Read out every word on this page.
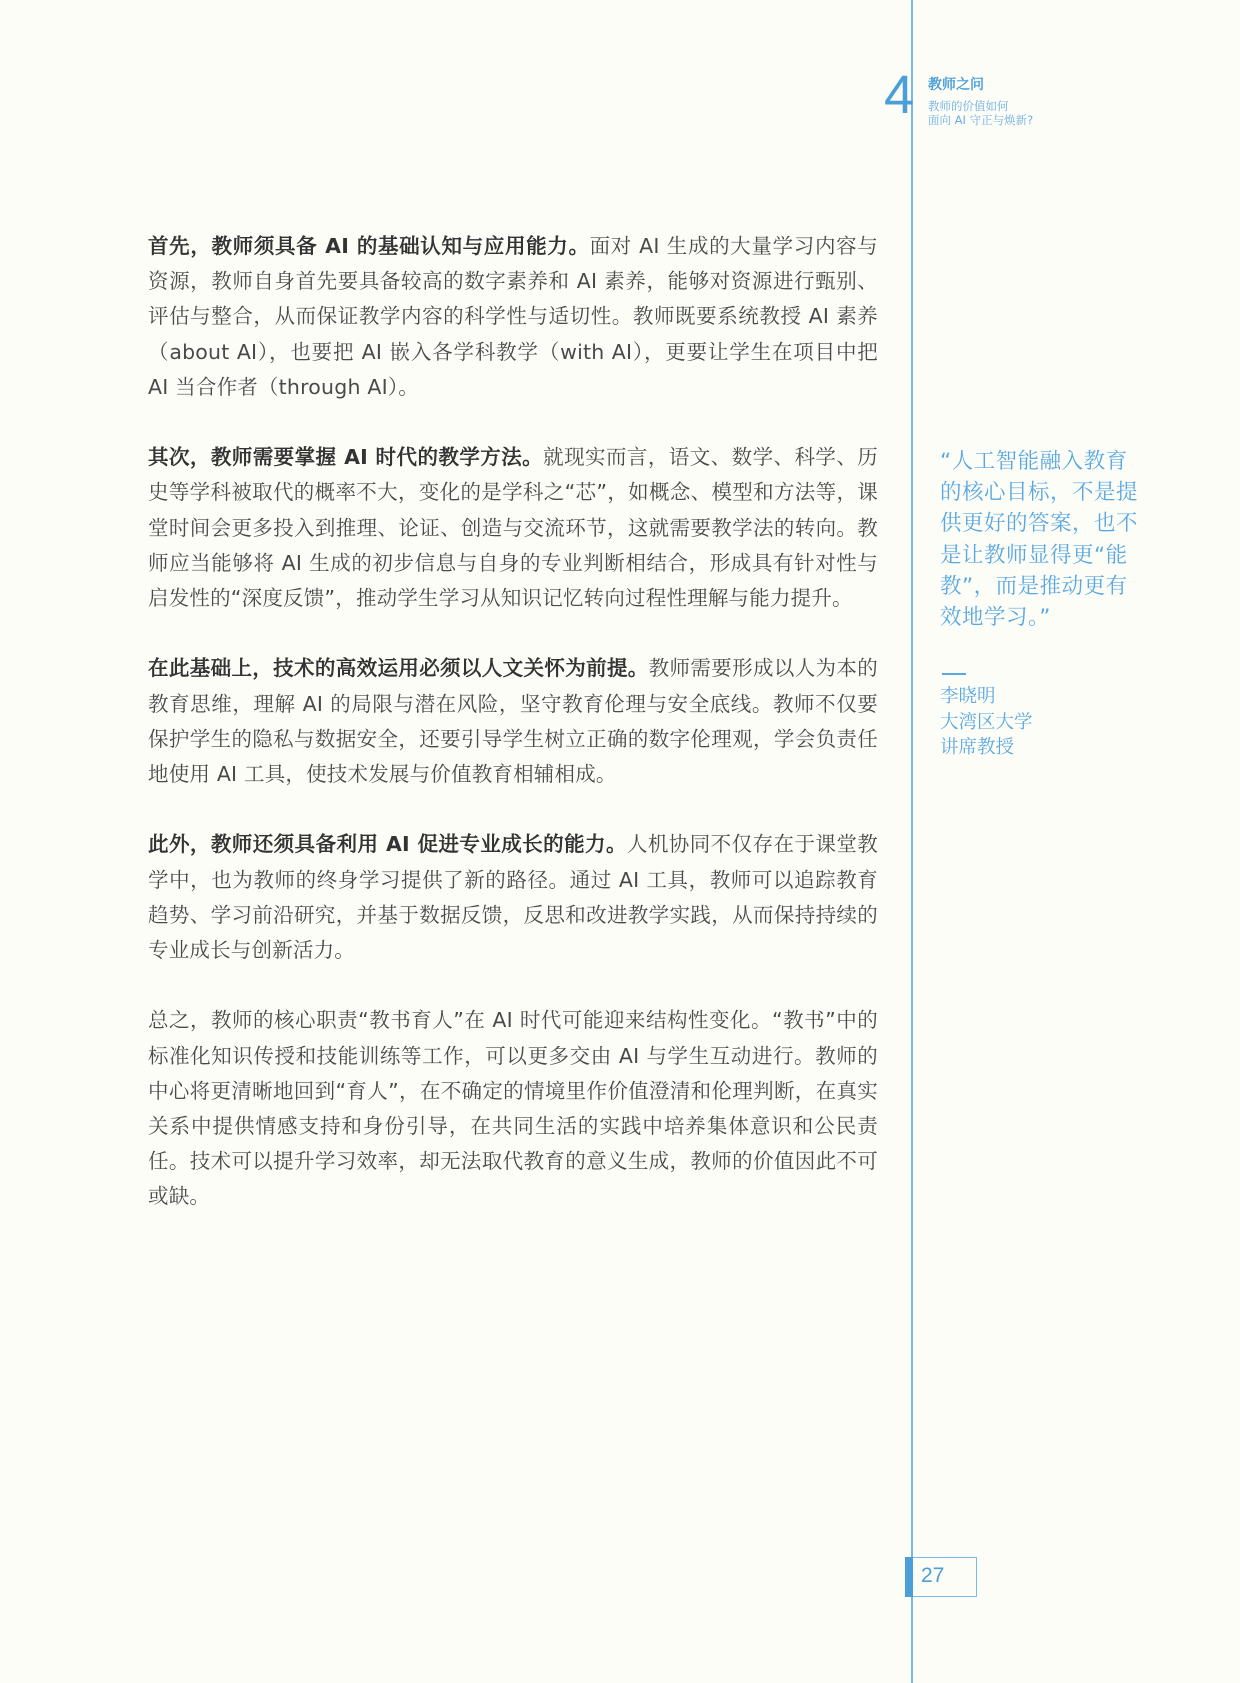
4 教师之问
教师的价值如何
面向 AI 守正与焕新?

首先，教师须具备 AI 的基础认知与应用能力。面对 AI 生成的大量学习内容与资源，教师自身首先要具备较高的数字素养和 AI 素养，能够对资源进行甄别、评估与整合，从而保证教学内容的科学性与适切性。教师既要系统教授 AI 素养（about AI），也要把 AI 嵌入各学科教学（with AI），更要让学生在项目中把 AI 当合作者（through AI）。

其次，教师需要掌握 AI 时代的教学方法。就现实而言，语文、数学、科学、历史等学科被取代的概率不大，变化的是学科之“芯”，如概念、模型和方法等，课堂时间会更多投入到推理、论证、创造与交流环节，这就需要教学法的转向。教师应当能够将 AI 生成的初步信息与自身的专业判断相结合，形成具有针对性与启发性的“深度反馈”，推动学生学习从知识记忆转向过程性理解与能力提升。

在此基础上，技术的高效运用必须以人文关怀为前提。教师需要形成以人为本的教育思维，理解 AI 的局限与潜在风险，坚守教育伦理与安全底线。教师不仅要保护学生的隐私与数据安全，还要引导学生树立正确的数字伦理观，学会负责任地使用 AI 工具，使技术发展与价值教育相辅相成。

此外，教师还须具备利用 AI 促进专业成长的能力。人机协同不仅存在于课堂教学中，也为教师的终身学习提供了新的路径。通过 AI 工具，教师可以追踪教育趋势、学习前沿研究，并基于数据反馈，反思和改进教学实践，从而保持持续的专业成长与创新活力。

总之，教师的核心职责“教书育人”在 AI 时代可能迎来结构性变化。“教书”中的标准化知识传授和技能训练等工作，可以更多交由 AI 与学生互动进行。教师的中心将更清晰地回到“育人”，在不确定的情境里作价值澄清和伦理判断，在真实关系中提供情感支持和身份引导，在共同生活的实践中培养集体意识和公民责任。技术可以提升学习效率，却无法取代教育的意义生成，教师的价值因此不可或缺。

“人工智能融入教育的核心目标，不是提供更好的答案，也不是让教师显得更“能教”，而是推动更有效地学习。”

李晓明
大湾区大学
讲席教授
27
